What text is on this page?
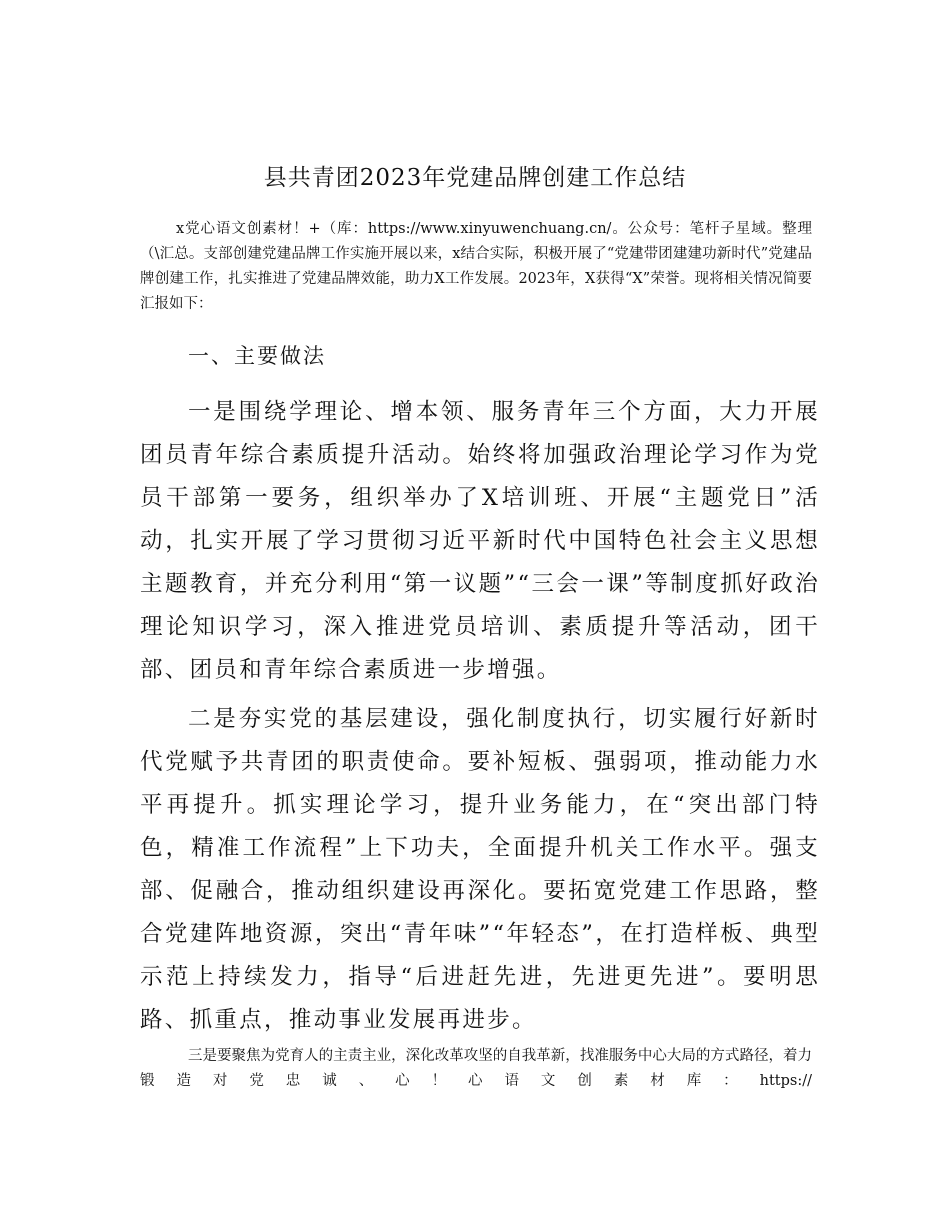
县共青团2023年党建品牌创建工作总结

x党心语文创素材！+（库：https://www.xinyuwenchuang.cn/。公众号：笔杆子星域。整理（\汇总。支部创建党建品牌工作实施开展以来，x结合实际，积极开展了“党建带团建建功新时代”党建品牌创建工作，扎实推进了党建品牌效能，助力X工作发展。2023年，X获得“X”荣誉。现将相关情况简要汇报如下：

一、主要做法

一是围绕学理论、增本领、服务青年三个方面，大力开展团员青年综合素质提升活动。始终将加强政治理论学习作为党员干部第一要务，组织举办了X培训班、开展“主题党日”活动，扎实开展了学习贯彻习近平新时代中国特色社会主义思想主题教育，并充分利用“第一议题”“三会一课”等制度抓好政治理论知识学习，深入推进党员培训、素质提升等活动，团干部、团员和青年综合素质进一步增强。

二是夯实党的基层建设，强化制度执行，切实履行好新时代党赋予共青团的职责使命。要补短板、强弱项，推动能力水平再提升。抓实理论学习，提升业务能力，在“突出部门特色，精准工作流程”上下功夫，全面提升机关工作水平。强支部、促融合，推动组织建设再深化。要拓宽党建工作思路，整合党建阵地资源，突出“青年味”“年轻态”，在打造样板、典型示范上持续发力，指导“后进赶先进，先进更先进”。要明思路、抓重点，推动事业发展再进步。

三是要聚焦为党育人的主责主业，深化改革攻坚的自我革新，找准服务中心大局的方式路径，着力锻造对党忠诚、心！心语文创素材库：https://
